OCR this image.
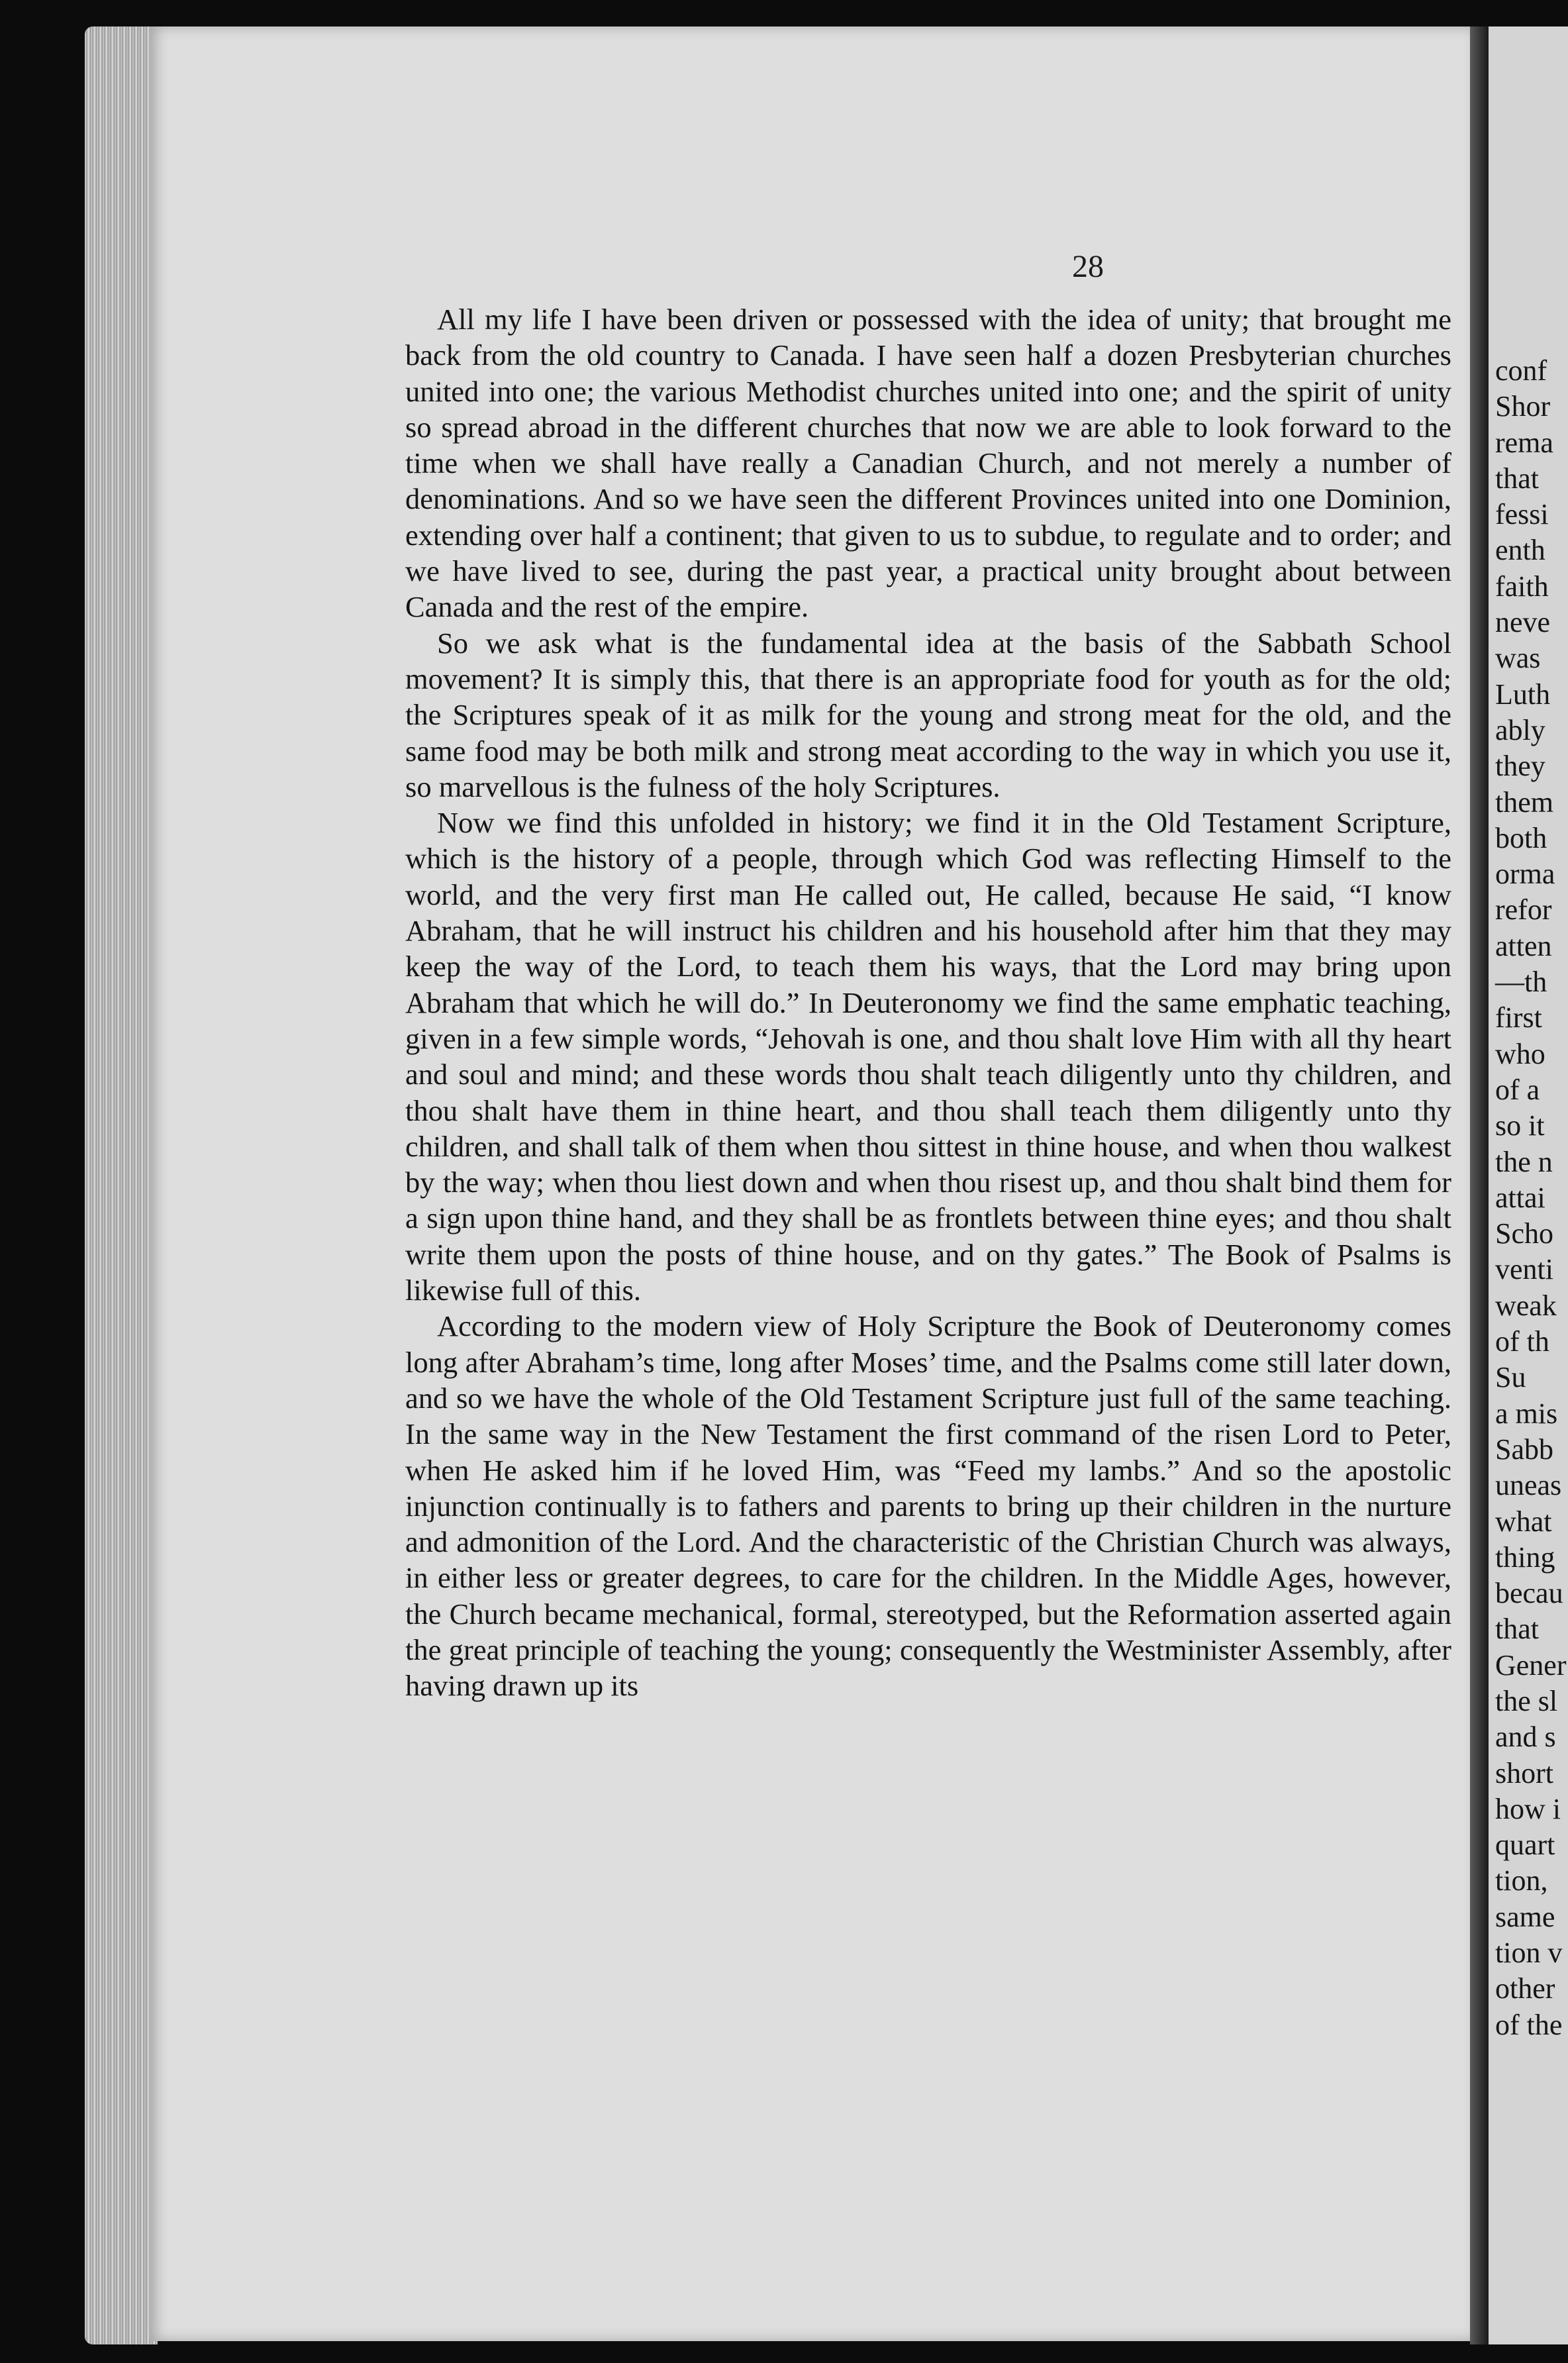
28

All my life I have been driven or possessed with the idea of unity; that brought me back from the old country to Canada. I have seen half a dozen Presbyterian churches united into one; the various Methodist churches united into one; and the spirit of unity so spread abroad in the different churches that now we are able to look forward to the time when we shall have really a Canadian Church, and not merely a number of denominations. And so we have seen the different Provinces united into one Dominion, extending over half a continent; that given to us to subdue, to regulate and to order; and we have lived to see, during the past year, a practical unity brought about between Canada and the rest of the empire.

So we ask what is the fundamental idea at the basis of the Sabbath School movement? It is simply this, that there is an appropriate food for youth as for the old; the Scriptures speak of it as milk for the young and strong meat for the old, and the same food may be both milk and strong meat according to the way in which you use it, so marvellous is the fulness of the holy Scriptures.

Now we find this unfolded in history; we find it in the Old Testament Scripture, which is the history of a people, through which God was reflecting Himself to the world, and the very first man He called out, He called, because He said, “I know Abraham, that he will instruct his children and his household after him that they may keep the way of the Lord, to teach them his ways, that the Lord may bring upon Abraham that which he will do.” In Deuteronomy we find the same emphatic teaching, given in a few simple words, “Jehovah is one, and thou shalt love Him with all thy heart and soul and mind; and these words thou shalt teach diligently unto thy children, and thou shalt have them in thine heart, and thou shall teach them diligently unto thy children, and shall talk of them when thou sittest in thine house, and when thou walkest by the way; when thou liest down and when thou risest up, and thou shalt bind them for a sign upon thine hand, and they shall be as frontlets between thine eyes; and thou shalt write them upon the posts of thine house, and on thy gates.” The Book of Psalms is likewise full of this.

According to the modern view of Holy Scripture the Book of Deuteronomy comes long after Abraham’s time, long after Moses’ time, and the Psalms come still later down, and so we have the whole of the Old Testament Scripture just full of the same teaching. In the same way in the New Testament the first command of the risen Lord to Peter, when He asked him if he loved Him, was “Feed my lambs.” And so the apostolic injunction continually is to fathers and parents to bring up their children in the nurture and admonition of the Lord. And the characteristic of the Christian Church was always, in either less or greater degrees, to care for the children. In the Middle Ages, however, the Church became mechanical, formal, stereotyped, but the Reformation asserted again the great principle of teaching the young; consequently the Westminister Assembly, after having drawn up its

conf
Shor
rema
that
fessi
enth
faith
neve
was
Luth
ably
they
them
both
orma
refor
atten
—th
first
who
of a
so it
the n
attai
Scho
venti
weak
of th
Su
a mis
Sabb
uneas
what
thing
becau
that
Gener
the sl
and s
short
how i
quart
tion,
same
tion v
other
of the
